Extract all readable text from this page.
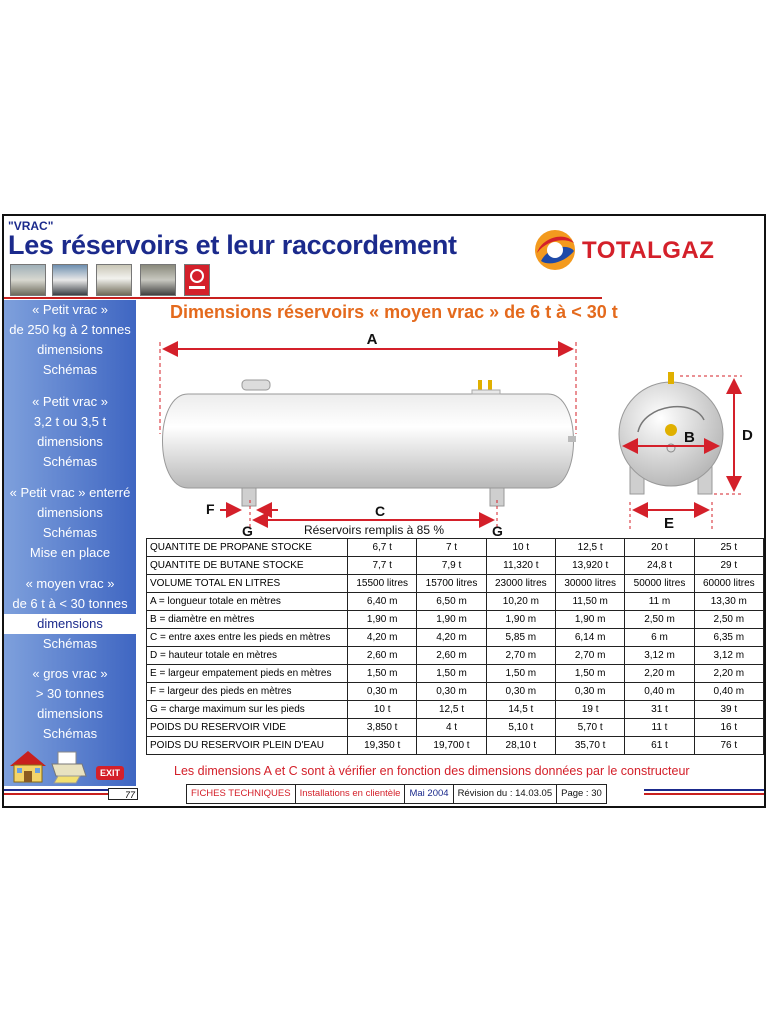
"VRAC"
Les réservoirs et leur raccordement	TOTALGAZ
« Petit vrac »
de 250 kg à 2 tonnes
dimensions
Schémas
« Petit vrac »
3,2 t ou 3,5 t
dimensions
Schémas
« Petit vrac » enterré
dimensions
Schémas
Mise en place
« moyen vrac »
de 6 t à < 30 tonnes
dimensions
Schémas
« gros vrac »
> 30 tonnes
dimensions
Schémas
EXIT
Dimensions réservoirs « moyen vrac » de 6 t à < 30 t
A
F	C
G	G
Réservoirs remplis à 85 %
B	D
E
QUANTITE DE PROPANE STOCKE	6,7 t	7 t	10 t	12,5 t	20 t	25 t
QUANTITE DE BUTANE STOCKE	7,7 t	7,9 t	11,320 t	13,920 t	24,8 t	29 t
VOLUME TOTAL EN LITRES	15500 litres	15700 litres	23000 litres	30000 litres	50000 litres	60000 litres
A = longueur totale en mètres	6,40 m	6,50 m	10,20 m	11,50 m	11 m	13,30 m
B = diamètre en mètres	1,90 m	1,90 m	1,90 m	1,90 m	2,50 m	2,50 m
C = entre axes entre les pieds en mètres	4,20 m	4,20 m	5,85 m	6,14 m	6 m	6,35 m
D = hauteur totale en mètres	2,60 m	2,60 m	2,70 m	2,70 m	3,12 m	3,12 m
E = largeur empatement pieds en mètres	1,50 m	1,50 m	1,50 m	1,50 m	2,20 m	2,20 m
F = largeur des pieds en mètres	0,30 m	0,30 m	0,30 m	0,30 m	0,40 m	0,40 m
G = charge maximum sur les pieds	10 t	12,5 t	14,5 t	19 t	31 t	39 t
POIDS DU RESERVOIR VIDE	3,850 t	4 t	5,10 t	5,70 t	11 t	16 t
POIDS DU RESERVOIR PLEIN D'EAU	19,350 t	19,700 t	28,10 t	35,70 t	61 t	76 t
Les dimensions A et C sont à vérifier en fonction des dimensions données par le constructeur
77	FICHES TECHNIQUES Installations en clientèle Mai 2004 Révision du : 14.03.05 Page : 30
